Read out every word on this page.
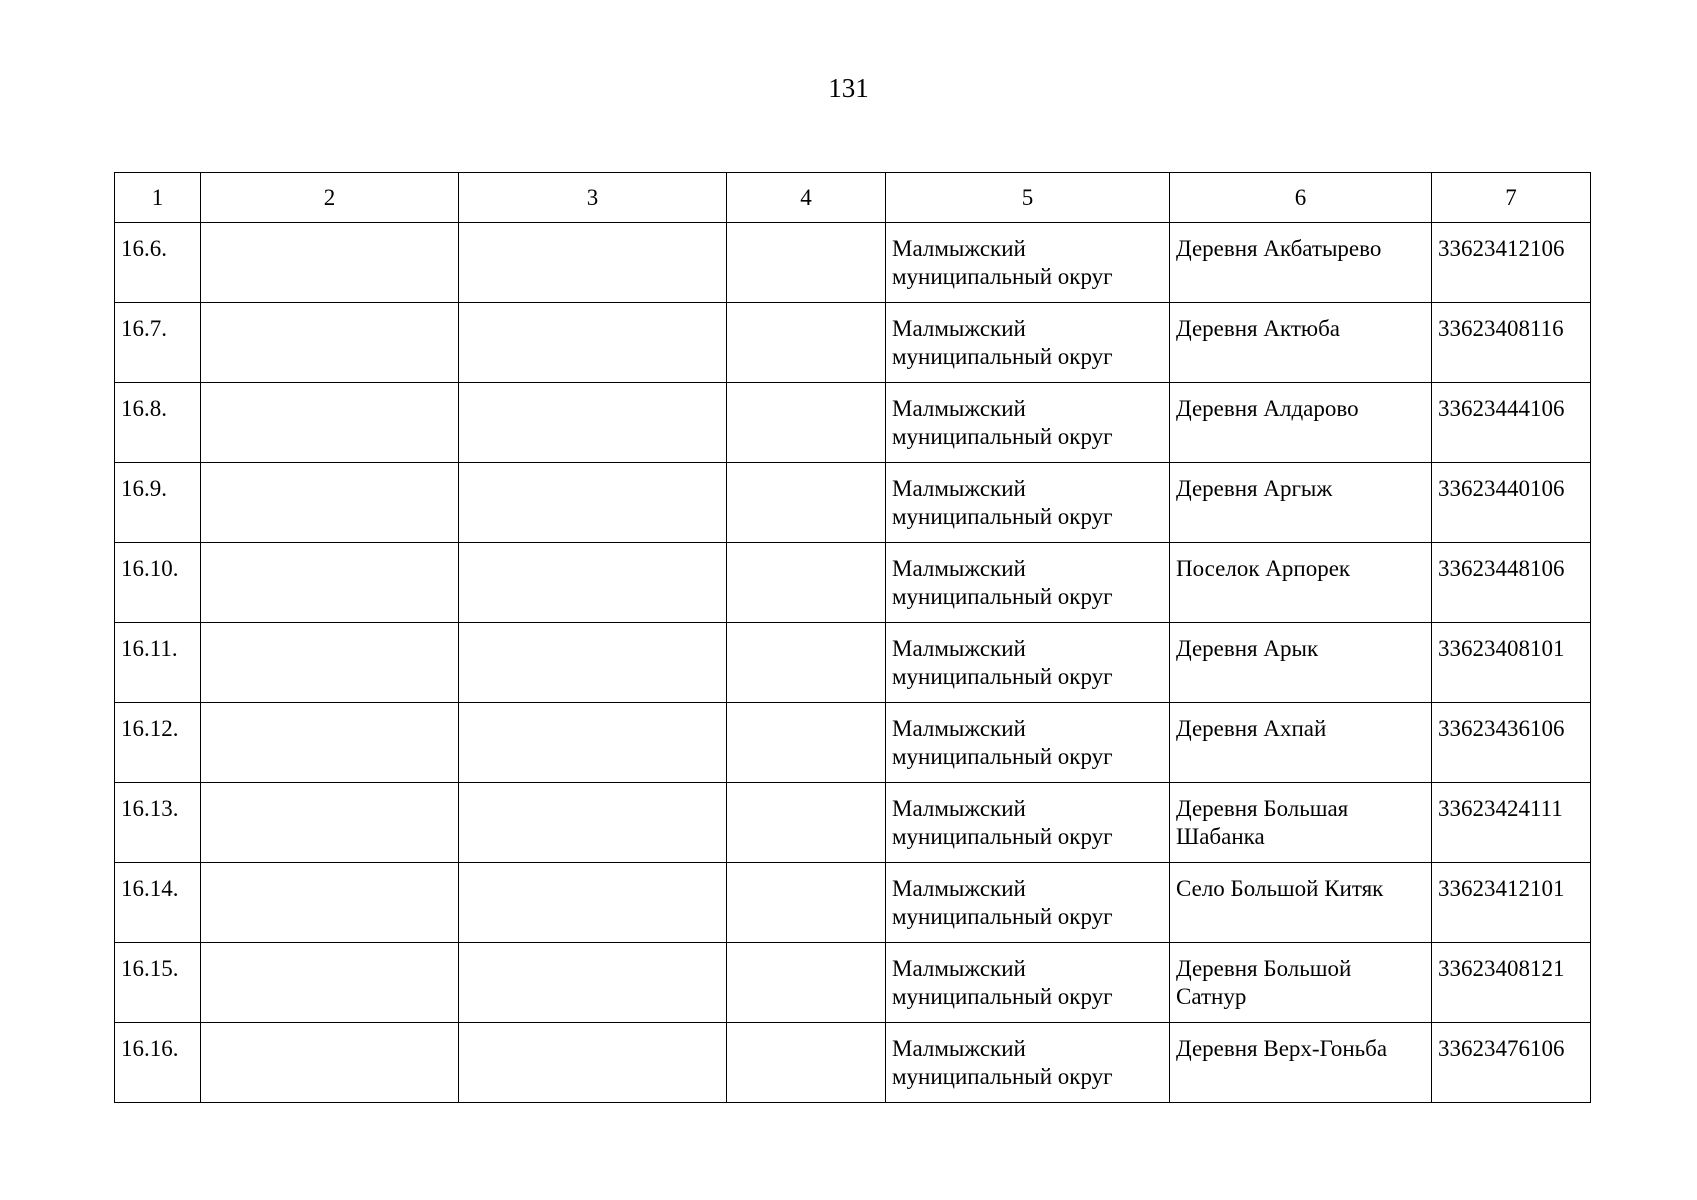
131
1	2	3	4	5	6	7
16.6.				Малмыжский муниципальный округ	Деревня Акбатырево	33623412106
16.7.				Малмыжский муниципальный округ	Деревня Актюба	33623408116
16.8.				Малмыжский муниципальный округ	Деревня Алдарово	33623444106
16.9.				Малмыжский муниципальный округ	Деревня Аргыж	33623440106
16.10.				Малмыжский муниципальный округ	Поселок Арпорек	33623448106
16.11.				Малмыжский муниципальный округ	Деревня Арык	33623408101
16.12.				Малмыжский муниципальный округ	Деревня Ахпай	33623436106
16.13.				Малмыжский муниципальный округ	Деревня Большая Шабанка	33623424111
16.14.				Малмыжский муниципальный округ	Село Большой Китяк	33623412101
16.15.				Малмыжский муниципальный округ	Деревня Большой Сатнур	33623408121
16.16.				Малмыжский муниципальный округ	Деревня Верх-Гоньба	33623476106
